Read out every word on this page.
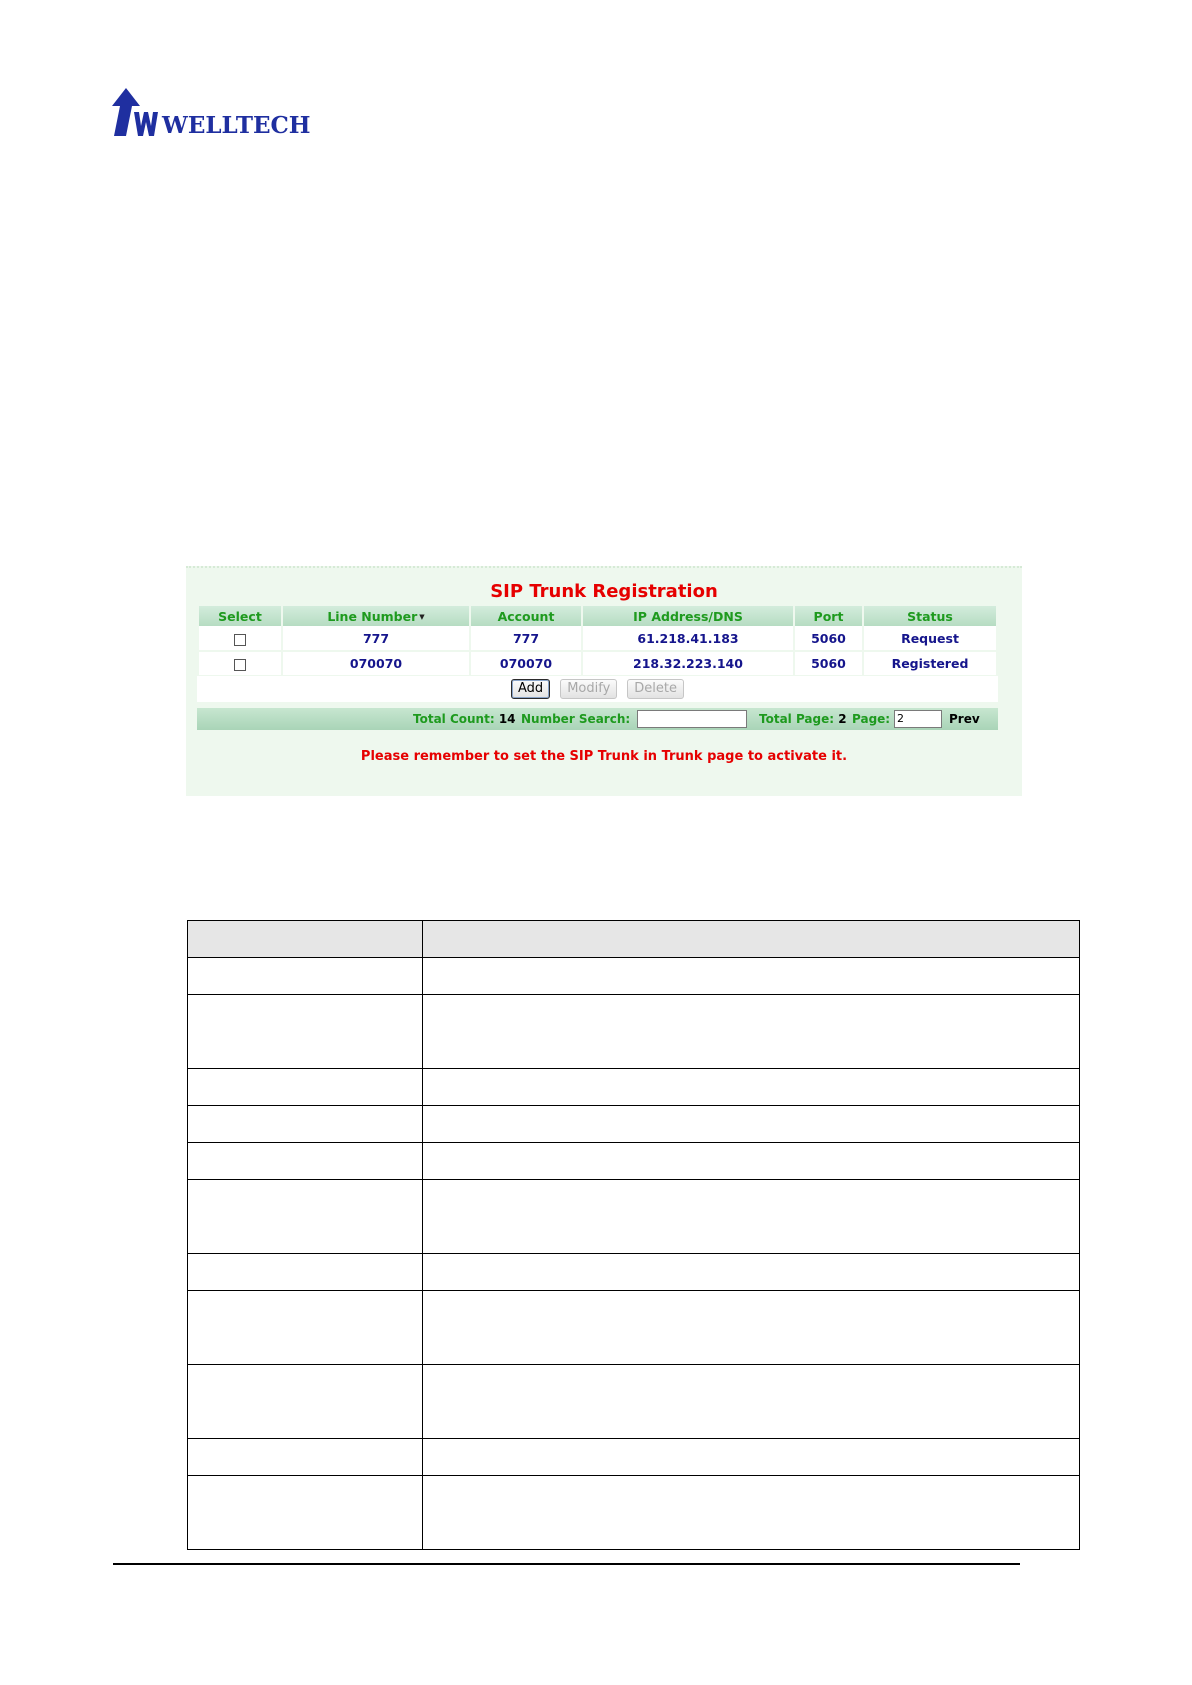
WELLTECH
SIP Trunk Registration
Select	Line Number ▼	Account	IP Address/DNS	Port	Status
	777	777	61.218.41.183	5060	Request
	070070	070070	218.32.223.140	5060	Registered
Add Modify Delete
Total Count: 14 Number Search:	Total Page: 2 Page: 2	Prev
Please remember to set the SIP Trunk in Trunk page to activate it.
